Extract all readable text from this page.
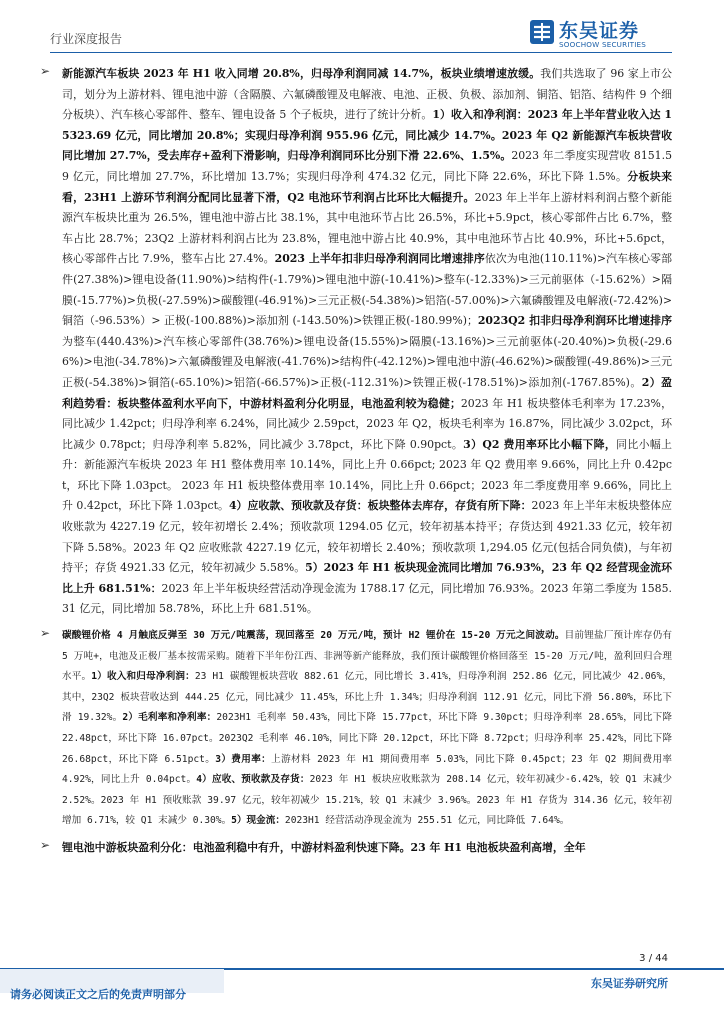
行业深度报告	东吴证券
SOOCHOW SECURITIES
➢ 新能源汽车板块 2023 年 H1 收入同增 20.8%，归母净利润同减 14.7%，板块业绩增速放缓。我们共选取了 96 家上市公司，划分为上游材料、锂电池中游（含隔膜、六氟磷酸锂及电解液、电池、正极、负极、添加剂、铜箔、铝箔、结构件 9 个细分板块）、汽车核心零部件、整车、锂电设备 5 个子板块，进行了统计分析。1）收入和净利润：2023 年上半年营业收入达 15323.69 亿元，同比增加 20.8%；实现归母净利润 955.96 亿元，同比减少 14.7%。2023 年 Q2 新能源汽车板块营收同比增加 27.7%，受去库存+盈利下滑影响，归母净利润同环比分别下滑 22.6%、1.5%。2023 年二季度实现营收 8151.59 亿元，同比增加 27.7%，环比增加 13.7%；实现归母净利 474.32 亿元，同比下降 22.6%，环比下降 1.5%。分板块来看，23H1 上游环节利润分配同比显著下滑，Q2 电池环节利润占比环比大幅提升。2023 年上半年上游材料利润占整个新能源汽车板块比重为 26.5%，锂电池中游占比 38.1%，其中电池环节占比 26.5%，环比+5.9pct，核心零部件占比 6.7%，整车占比 28.7%；23Q2 上游材料利润占比为 23.8%，锂电池中游占比 40.9%，其中电池环节占比 40.9%，环比+5.6pct，核心零部件占比 7.9%，整车占比 27.4%。2023 上半年扣非归母净利润同比增速排序依次为电池(110.11%)>汽车核心零部件(27.38%)>锂电设备(11.90%)>结构件(-1.79%)>锂电池中游(-10.41%)>整车(-12.33%)>三元前驱体（-15.62%）>隔膜(-15.77%)>负极(-27.59%)>碳酸锂(-46.91%)>三元正极(-54.38%)>铝箔(-57.00%)>六氟磷酸锂及电解液(-72.42%)>铜箔（-96.53%）> 正极(-100.88%)>添加剂 (-143.50%)>铁锂正极(-180.99%)；2023Q2 扣非归母净利润环比增速排序为整车(440.43%)>汽车核心零部件(38.76%)>锂电设备(15.55%)>隔膜(-13.16%)>三元前驱体(-20.40%)>负极(-29.66%)>电池(-34.78%)>六氟磷酸锂及电解液(-41.76%)>结构件(-42.12%)>锂电池中游(-46.62%)>碳酸锂(-49.86%)>三元正极(-54.38%)>铜箔(-65.10%)>铝箔(-66.57%)>正极(-112.31%)>铁锂正极(-178.51%)>添加剂(-1767.85%)。2）盈利趋势看：板块整体盈利水平向下，中游材料盈利分化明显，电池盈利较为稳健；2023 年 H1 板块整体毛利率为 17.23%，同比减少 1.42pct；归母净利率 6.24%，同比减少 2.59pct，2023 年 Q2，板块毛利率为 16.87%，同比减少 3.02pct，环比减少 0.78pct；归母净利率 5.82%，同比减少 3.78pct，环比下降 0.90pct。3）Q2 费用率环比小幅下降，同比小幅上升：新能源汽车板块 2023 年 H1 整体费用率 10.14%，同比上升 0.66pct; 2023 年 Q2 费用率 9.66%，同比上升 0.42pct，环比下降 1.03pct。 2023 年 H1 板块整体费用率 10.14%，同比上升 0.66pct；2023 年二季度费用率 9.66%，同比上升 0.42pct，环比下降 1.03pct。4）应收款、预收款及存货：板块整体去库存，存货有所下降：2023 年上半年末板块整体应收账款为 4227.19 亿元，较年初增长 2.4%；预收款项 1294.05 亿元，较年初基本持平；存货达到 4921.33 亿元，较年初下降 5.58%。2023 年 Q2 应收账款 4227.19 亿元，较年初增长 2.40%；预收款项 1,294.05 亿元(包括合同负债)，与年初持平；存货 4921.33 亿元，较年初减少 5.58%。5）2023 年 H1 板块现金流同比增加 76.93%，23 年 Q2 经营现金流环比上升 681.51%：2023 年上半年板块经营活动净现金流为 1788.17 亿元，同比增加 76.93%。2023 年第二季度为 1585.31 亿元，同比增加 58.78%，环比上升 681.51%。

➢ 碳酸锂价格 4 月触底反弹至 30 万元/吨震荡，现回落至 20 万元/吨，预计 H2 锂价在 15-20 万元之间波动。目前锂盐厂预计库存仍有 5 万吨+，电池及正极厂基本按需采购。随着下半年份江西、非洲等新产能释放，我们预计碳酸锂价格回落至 15-20 万元/吨，盈利回归合理水平。1）收入和归母净利润：23 H1 碳酸锂板块营收 882.61 亿元，同比增长 3.41%，归母净利润 252.86 亿元，同比减少 42.06%，其中，23Q2 板块营收达到 444.25 亿元，同比减少 11.45%，环比上升 1.34%；归母净利润 112.91 亿元，同比下滑 56.80%，环比下滑 19.32%。2）毛利率和净利率：2023H1 毛利率 50.43%，同比下降 15.77pct，环比下降 9.30pct；归母净利率 28.65%，同比下降 22.48pct，环比下降 16.07pct。2023Q2 毛利率 46.10%，同比下降 20.12pct，环比下降 8.72pct；归母净利率 25.42%，同比下降 26.68pct，环比下降 6.51pct。3）费用率：上游材料 2023 年 H1 期间费用率 5.03%，同比下降 0.45pct；23 年 Q2 期间费用率 4.92%，同比上升 0.04pct。4）应收、预收款及存货：2023 年 H1 板块应收账款为 208.14 亿元，较年初减少-6.42%，较 Q1 末减少 2.52%。2023 年 H1 预收账款 39.97 亿元，较年初减少 15.21%，较 Q1 末减少 3.96%。2023 年 H1 存货为 314.36 亿元，较年初增加 6.71%，较 Q1 末减少 0.30%。5）现金流：2023H1 经营活动净现金流为 255.51 亿元，同比降低 7.64%。

➢ 锂电池中游板块盈利分化：电池盈利稳中有升，中游材料盈利快速下降。23 年 H1 电池板块盈利高增，全年

3 / 44
请务必阅读正文之后的免责声明部分
东吴证券研究所
